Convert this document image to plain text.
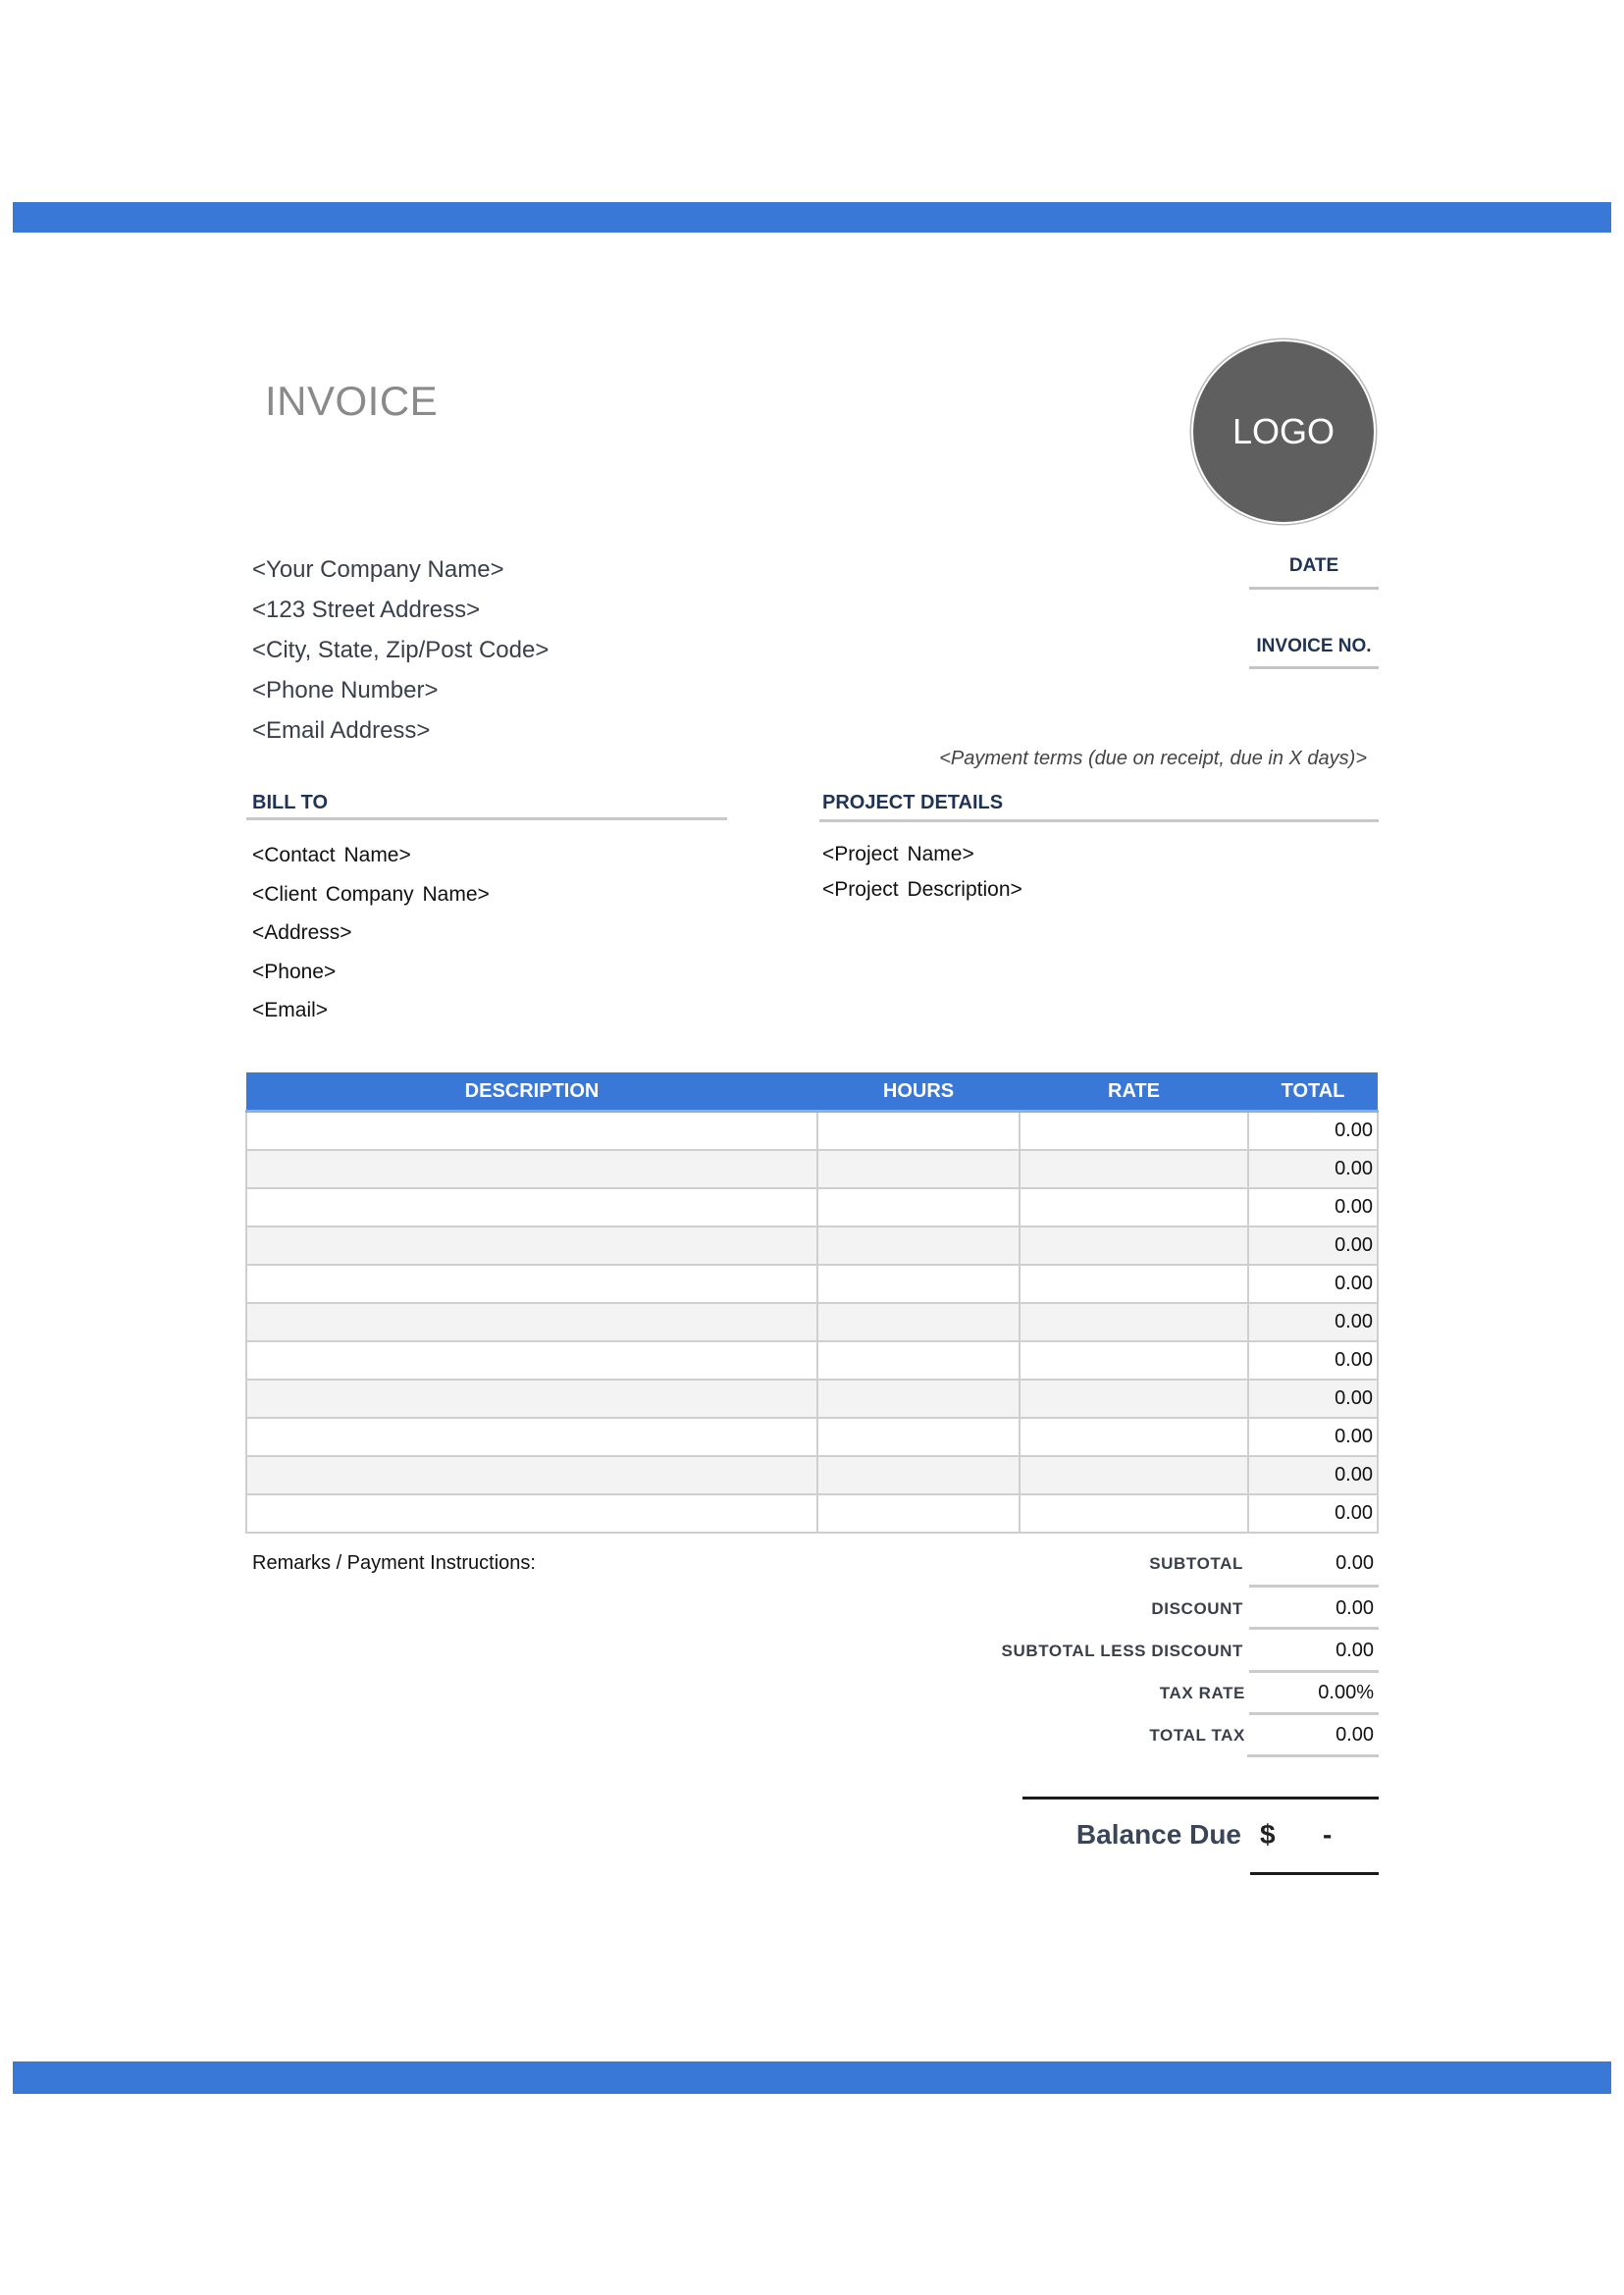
INVOICE
LOGO
<Your Company Name>
<123 Street Address>
<City, State, Zip/Post Code>
<Phone Number>
<Email Address>
DATE
INVOICE NO.
<Payment terms (due on receipt, due in X days)>
BILL TO
<Contact Name>
<Client Company Name>
<Address>
<Phone>
<Email>
PROJECT DETAILS
<Project Name>
<Project Description>
DESCRIPTION	HOURS	RATE	TOTAL
			0.00
			0.00
			0.00
			0.00
			0.00
			0.00
			0.00
			0.00
			0.00
			0.00
			0.00
Remarks / Payment Instructions:	SUBTOTAL	0.00
DISCOUNT	0.00
SUBTOTAL LESS DISCOUNT	0.00
TAX RATE	0.00%
TOTAL TAX	0.00
Balance Due $ -
